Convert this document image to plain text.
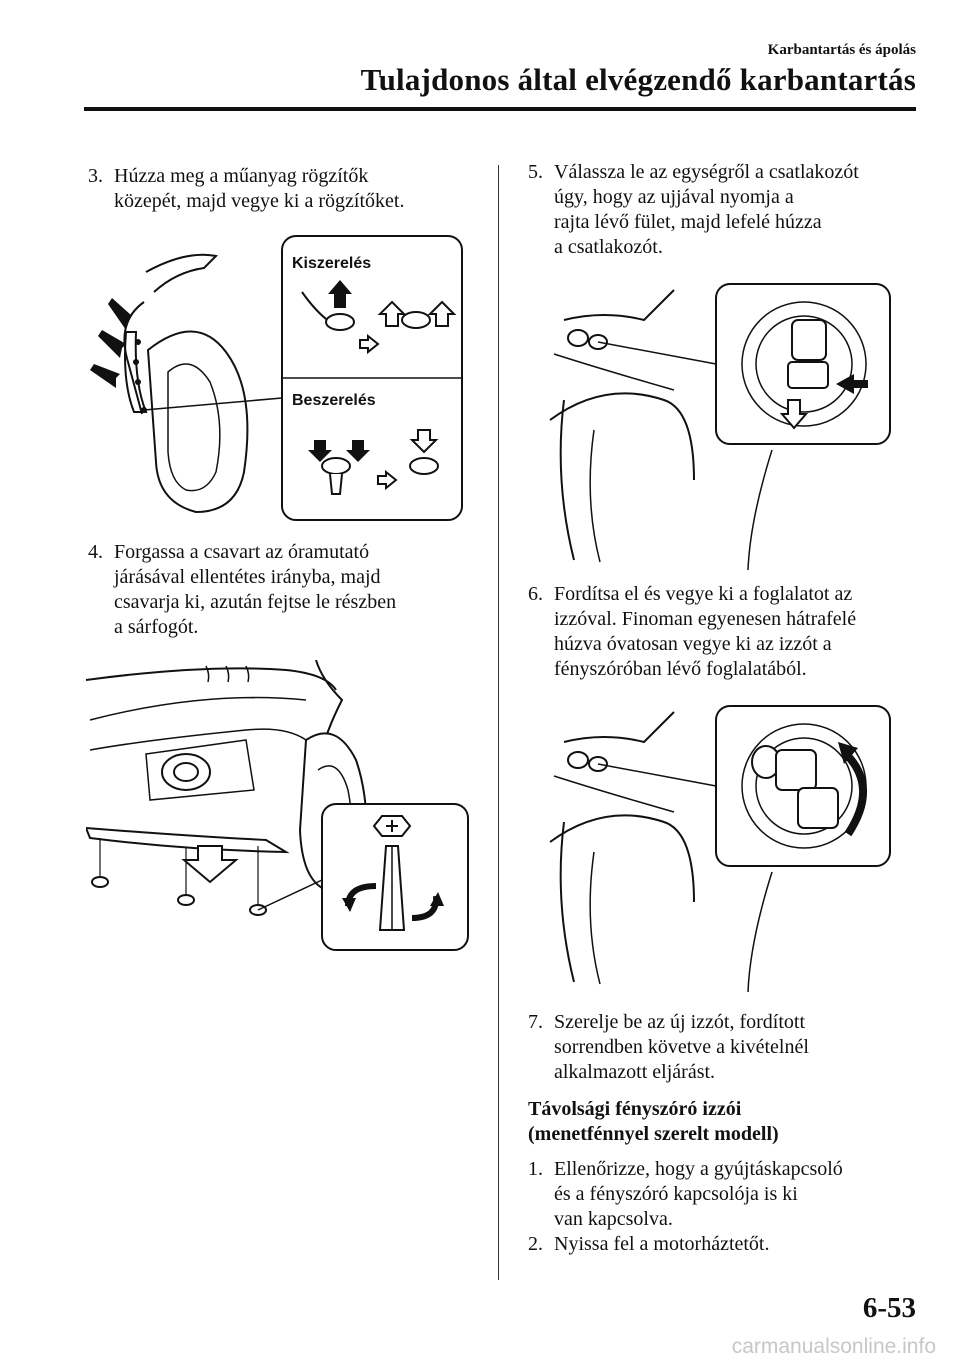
Karbantartás és ápolás
Tulajdonos által elvégzendő karbantartás
3. Húzza meg a műanyag rögzítők
közepét, majd vegye ki a rögzítőket.
Kiszerelés
Beszerelés
4. Forgassa a csavart az óramutató
járásával ellentétes irányba, majd
csavarja ki, azután fejtse le részben
a sárfogót.
5. Válassza le az egységről a csatlakozót
úgy, hogy az ujjával nyomja a
rajta lévő fület, majd lefelé húzza
a csatlakozót.
6. Fordítsa el és vegye ki a foglalatot az
izzóval. Finoman egyenesen hátrafelé
húzva óvatosan vegye ki az izzót a
fényszóróban lévő foglalatából.
7. Szerelje be az új izzót, fordított
sorrendben követve a kivételnél
alkalmazott eljárást.
Távolsági fényszóró izzói
(menetfénnyel szerelt modell)
1. Ellenőrizze, hogy a gyújtáskapcsoló
és a fényszóró kapcsolója is ki
van kapcsolva.
2. Nyissa fel a motorháztetőt.
6-53
carmanualsonline.info
